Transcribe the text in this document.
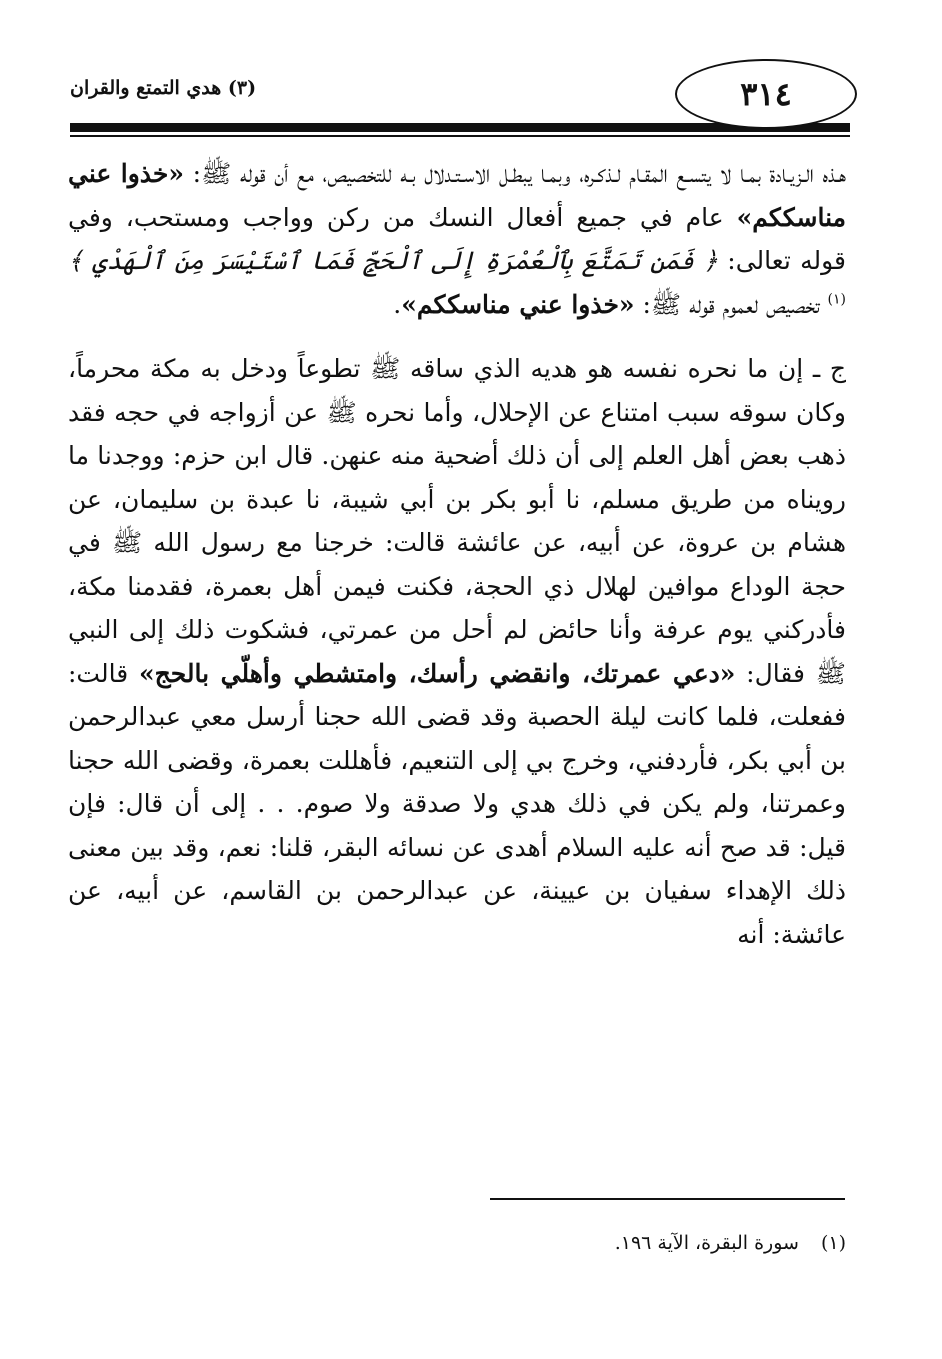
٣١٤
(٣) هدي التمتع والقران

هـذه الـزيـادة بمـا لا يتسـع المقـام لـذكـره، وبمـا يبطـل الاسـتـدلال بـه للتخصيص، مع أن قوله ﷺ: «خذوا عني مناسككم» عام في جميع أفعال النسك من ركن وواجب ومستحب، وفي قوله تعالى: ﴿ فَمَن تَمَتَّعَ بِٱلْعُمْرَةِ إِلَى ٱلْحَجِّ فَمَا ٱسْتَيْسَرَ مِنَ ٱلْهَدْيِ ﴾$^{(١)}$ تخصيص لعموم قوله ﷺ: «خذوا عني مناسككم».

ج ـ إن ما نحره نفسه هو هديه الذي ساقه ﷺ تطوعاً ودخل به مكة محرماً، وكان سوقه سبب امتناع عن الإحلال، وأما نحره ﷺ عن أزواجه في حجه فقد ذهب بعض أهل العلم إلى أن ذلك أضحية منه عنهن. قال ابن حزم: ووجدنا ما رويناه من طريق مسلم، نا أبو بكر بن أبي شيبة، نا عبدة بن سليمان، عن هشام بن عروة، عن أبيه، عن عائشة قالت: خرجنا مع رسول الله ﷺ في حجة الوداع موافين لهلال ذي الحجة، فكنت فيمن أهل بعمرة، فقدمنا مكة، فأدركني يوم عرفة وأنا حائض لم أحل من عمرتي، فشكوت ذلك إلى النبي ﷺ فقال: «دعي عمرتك، وانقضي رأسك، وامتشطي وأهلّي بالحج» قالت: ففعلت، فلما كانت ليلة الحصبة وقد قضى الله حجنا أرسل معي عبدالرحمن بن أبي بكر، فأردفني، وخرج بي إلى التنعيم، فأهللت بعمرة، وقضى الله حجنا وعمرتنا، ولم يكن في ذلك هدي ولا صدقة ولا صوم. . . إلى أن قال: فإن قيل: قد صح أنه عليه السلام أهدى عن نسائه البقر، قلنا: نعم، وقد بين معنى ذلك الإهداء سفيان بن عيينة، عن عبدالرحمن بن القاسم، عن أبيه، عن عائشة: أنه

(١)سورة البقرة، الآية ١٩٦.
